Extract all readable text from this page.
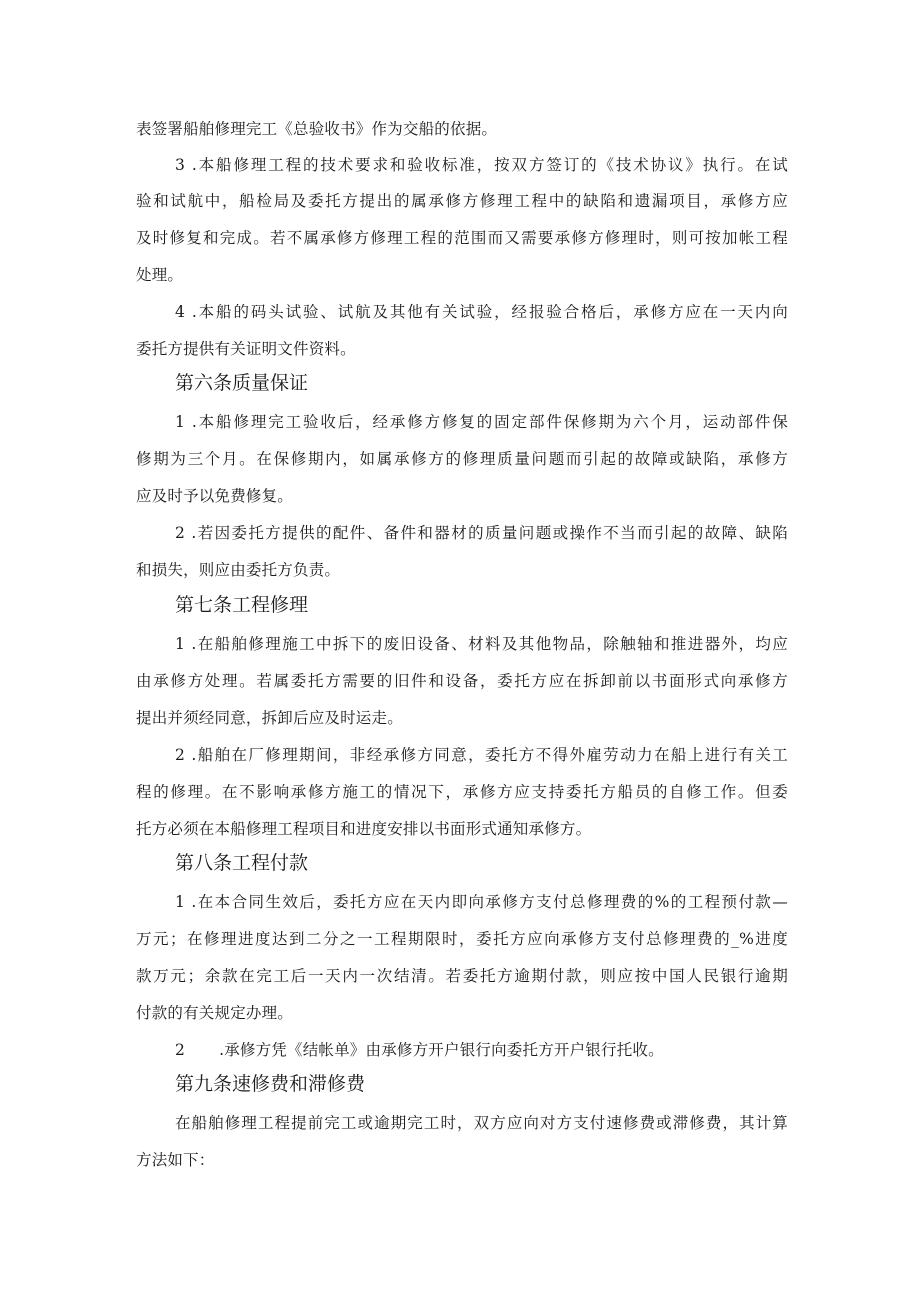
表签署船舶修理完工《总验收书》作为交船的依据。
3 .本船修理工程的技术要求和验收标准，按双方签订的《技术协议》执行。在试
验和试航中，船检局及委托方提出的属承修方修理工程中的缺陷和遗漏项目，承修方应
及时修复和完成。若不属承修方修理工程的范围而又需要承修方修理时，则可按加帐工程
处理。
4 .本船的码头试验、试航及其他有关试验，经报验合格后，承修方应在一天内向
委托方提供有关证明文件资料。
第六条质量保证
1 .本船修理完工验收后，经承修方修复的固定部件保修期为六个月，运动部件保
修期为三个月。在保修期内，如属承修方的修理质量问题而引起的故障或缺陷，承修方
应及时予以免费修复。
2 .若因委托方提供的配件、备件和器材的质量问题或操作不当而引起的故障、缺陷
和损失，则应由委托方负责。
第七条工程修理
1 .在船舶修理施工中拆下的废旧设备、材料及其他物品，除触轴和推进器外，均应
由承修方处理。若属委托方需要的旧件和设备，委托方应在拆卸前以书面形式向承修方
提出并须经同意，拆卸后应及时运走。
2 .船舶在厂修理期间，非经承修方同意，委托方不得外雇劳动力在船上进行有关工
程的修理。在不影响承修方施工的情况下，承修方应支持委托方船员的自修工作。但委
托方必须在本船修理工程项目和进度安排以书面形式通知承修方。
第八条工程付款
1 .在本合同生效后，委托方应在天内即向承修方支付总修理费的%的工程预付款—
万元；在修理进度达到二分之一工程期限时，委托方应向承修方支付总修理费的_%进度
款万元；余款在完工后一天内一次结清。若委托方逾期付款，则应按中国人民银行逾期
付款的有关规定办理。
2 .承修方凭《结帐单》由承修方开户银行向委托方开户银行托收。
第九条速修费和滞修费
在船舶修理工程提前完工或逾期完工时，双方应向对方支付速修费或滞修费，其计算
方法如下：
